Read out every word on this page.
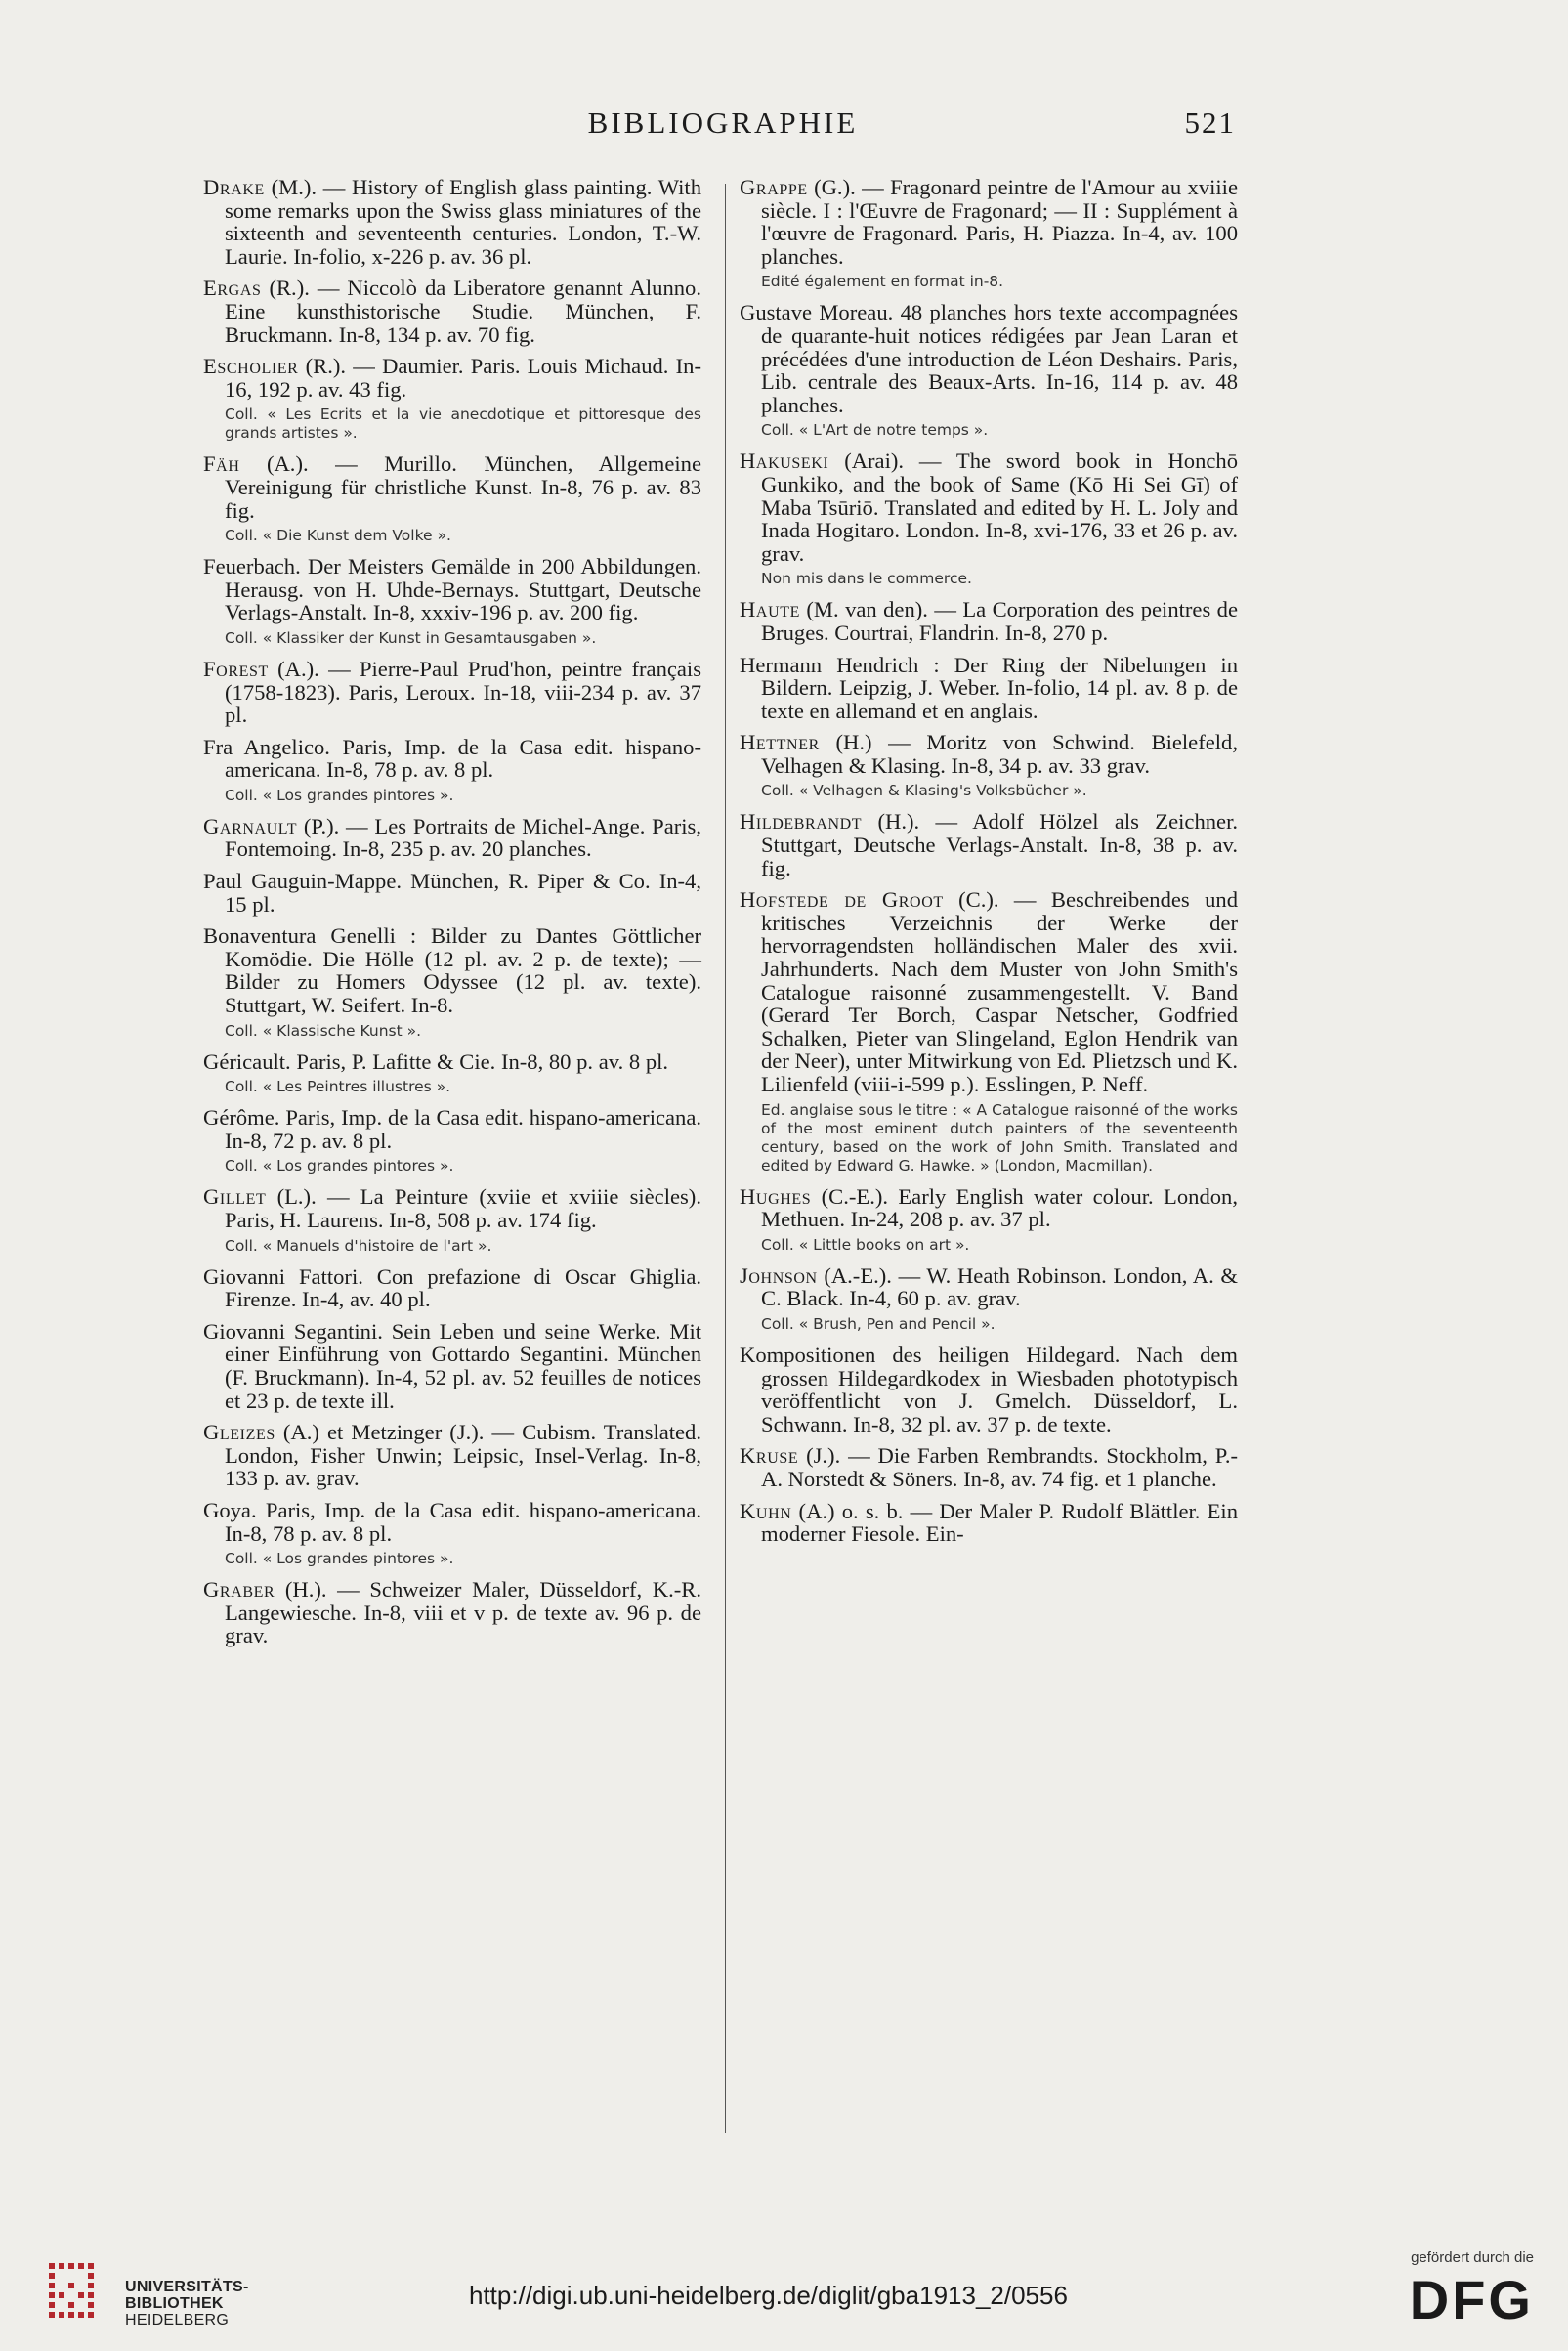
BIBLIOGRAPHIE	521

Drake (M.). — History of English glass painting. With some remarks upon the Swiss glass miniatures of the sixteenth and seventeenth centuries. London, T.-W. Laurie. In-folio, x-226 p. av. 36 pl.

Ergas (R.). — Niccolò da Liberatore genannt Alunno. Eine kunsthistorische Studie. München, F. Bruckmann. In-8, 134 p. av. 70 fig.

Escholier (R.). — Daumier. Paris. Louis Michaud. In-16, 192 p. av. 43 fig.

Coll. « Les Ecrits et la vie anecdotique et pittoresque des grands artistes ».

Fäh (A.). — Murillo. München, Allgemeine Vereinigung für christliche Kunst. In-8, 76 p. av. 83 fig.

Coll. « Die Kunst dem Volke ».

Feuerbach. Der Meisters Gemälde in 200 Abbildungen. Herausg. von H. Uhde-Bernays. Stuttgart, Deutsche Verlags-Anstalt. In-8, xxxiv-196 p. av. 200 fig.

Coll. « Klassiker der Kunst in Gesamtausgaben ».

Forest (A.). — Pierre-Paul Prud'hon, peintre français (1758-1823). Paris, Leroux. In-18, viii-234 p. av. 37 pl.

Fra Angelico. Paris, Imp. de la Casa edit. hispano-americana. In-8, 78 p. av. 8 pl.

Coll. « Los grandes pintores ».

Garnault (P.). — Les Portraits de Michel-Ange. Paris, Fontemoing. In-8, 235 p. av. 20 planches.

Paul Gauguin-Mappe. München, R. Piper & Co. In-4, 15 pl.

Bonaventura Genelli : Bilder zu Dantes Göttlicher Komödie. Die Hölle (12 pl. av. 2 p. de texte); — Bilder zu Homers Odyssee (12 pl. av. texte). Stuttgart, W. Seifert. In-8.

Coll. « Klassische Kunst ».

Géricault. Paris, P. Lafitte & Cie. In-8, 80 p. av. 8 pl.

Coll. « Les Peintres illustres ».

Gérôme. Paris, Imp. de la Casa edit. hispano-americana. In-8, 72 p. av. 8 pl.

Coll. « Los grandes pintores ».

Gillet (L.). — La Peinture (xviie et xviiie siècles). Paris, H. Laurens. In-8, 508 p. av. 174 fig.

Coll. « Manuels d'histoire de l'art ».

Giovanni Fattori. Con prefazione di Oscar Ghiglia. Firenze. In-4, av. 40 pl.

Giovanni Segantini. Sein Leben und seine Werke. Mit einer Einführung von Gottardo Segantini. München (F. Bruckmann). In-4, 52 pl. av. 52 feuilles de notices et 23 p. de texte ill.

Gleizes (A.) et Metzinger (J.). — Cubism. Translated. London, Fisher Unwin; Leipsic, Insel-Verlag. In-8, 133 p. av. grav.

Goya. Paris, Imp. de la Casa edit. hispano-americana. In-8, 78 p. av. 8 pl.

Coll. « Los grandes pintores ».

Graber (H.). — Schweizer Maler, Düsseldorf, K.-R. Langewiesche. In-8, viii et v p. de texte av. 96 p. de grav.

Grappe (G.). — Fragonard peintre de l'Amour au xviiie siècle. I : l'Œuvre de Fragonard; — II : Supplément à l'œuvre de Fragonard. Paris, H. Piazza. In-4, av. 100 planches.

Edité également en format in-8.

Gustave Moreau. 48 planches hors texte accompagnées de quarante-huit notices rédigées par Jean Laran et précédées d'une introduction de Léon Deshairs. Paris, Lib. centrale des Beaux-Arts. In-16, 114 p. av. 48 planches.

Coll. « L'Art de notre temps ».

Hakuseki (Arai). — The sword book in Honchō Gunkiko, and the book of Same (Kō Hi Sei Gī) of Maba Tsūriō. Translated and edited by H. L. Joly and Inada Hogitaro. London. In-8, xvi-176, 33 et 26 p. av. grav.

Non mis dans le commerce.

Haute (M. van den). — La Corporation des peintres de Bruges. Courtrai, Flandrin. In-8, 270 p.

Hermann Hendrich : Der Ring der Nibelungen in Bildern. Leipzig, J. Weber. In-folio, 14 pl. av. 8 p. de texte en allemand et en anglais.

Hettner (H.) — Moritz von Schwind. Bielefeld, Velhagen & Klasing. In-8, 34 p. av. 33 grav.

Coll. « Velhagen & Klasing's Volksbücher ».

Hildebrandt (H.). — Adolf Hölzel als Zeichner. Stuttgart, Deutsche Verlags-Anstalt. In-8, 38 p. av. fig.

Hofstede de Groot (C.). — Beschreibendes und kritisches Verzeichnis der Werke der hervorragendsten holländischen Maler des xvii. Jahrhunderts. Nach dem Muster von John Smith's Catalogue raisonné zusammengestellt. V. Band (Gerard Ter Borch, Caspar Netscher, Godfried Schalken, Pieter van Slingeland, Eglon Hendrik van der Neer), unter Mitwirkung von Ed. Plietzsch und K. Lilienfeld (viii-i-599 p.). Esslingen, P. Neff.

Ed. anglaise sous le titre : « A Catalogue raisonné of the works of the most eminent dutch painters of the seventeenth century, based on the work of John Smith. Translated and edited by Edward G. Hawke. » (London, Macmillan).

Hughes (C.-E.). Early English water colour. London, Methuen. In-24, 208 p. av. 37 pl.

Coll. « Little books on art ».

Johnson (A.-E.). — W. Heath Robinson. London, A. & C. Black. In-4, 60 p. av. grav.

Coll. « Brush, Pen and Pencil ».

Kompositionen des heiligen Hildegard. Nach dem grossen Hildegardkodex in Wiesbaden phototypisch veröffentlicht von J. Gmelch. Düsseldorf, L. Schwann. In-8, 32 pl. av. 37 p. de texte.

Kruse (J.). — Die Farben Rembrandts. Stockholm, P.-A. Norstedt & Söners. In-8, av. 74 fig. et 1 planche.

Kuhn (A.) o. s. b. — Der Maler P. Rudolf Blättler. Ein moderner Fiesole. Ein-

UNIVERSITÄTS-
BIBLIOTHEK
HEIDELBERG
http://digi.ub.uni-heidelberg.de/diglit/gba1913_2/0556
gefördert durch die
DFG
